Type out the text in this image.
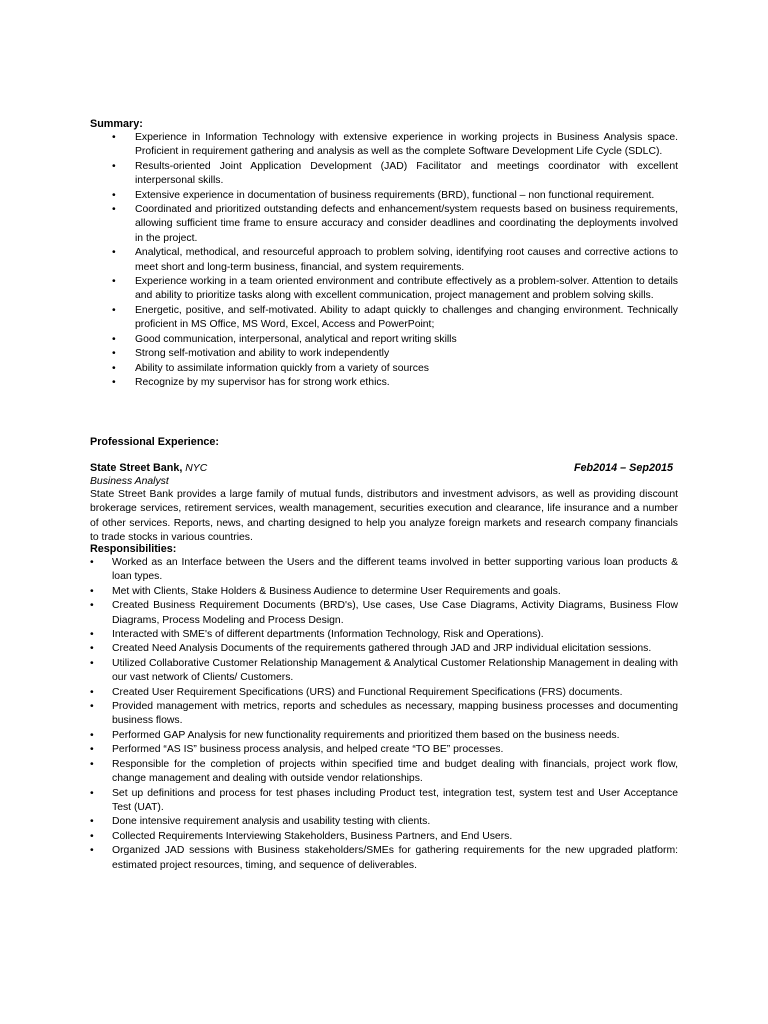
Summary:
• Experience in Information Technology with extensive experience in working projects in Business Analysis space. Proficient in requirement gathering and analysis as well as the complete Software Development Life Cycle (SDLC).
• Results-oriented Joint Application Development (JAD) Facilitator and meetings coordinator with excellent interpersonal skills.
• Extensive experience in documentation of business requirements (BRD), functional – non functional requirement.
• Coordinated and prioritized outstanding defects and enhancement/system requests based on business requirements, allowing sufficient time frame to ensure accuracy and consider deadlines and coordinating the deployments involved in the project.
• Analytical, methodical, and resourceful approach to problem solving, identifying root causes and corrective actions to meet short and long-term business, financial, and system requirements.
• Experience working in a team oriented environment and contribute effectively as a problem-solver. Attention to details and ability to prioritize tasks along with excellent communication, project management and problem solving skills.
• Energetic, positive, and self-motivated. Ability to adapt quickly to challenges and changing environment. Technically proficient in MS Office, MS Word, Excel, Access and PowerPoint;
• Good communication, interpersonal, analytical and report writing skills
• Strong self-motivation and ability to work independently
• Ability to assimilate information quickly from a variety of sources
• Recognize by my supervisor has for strong work ethics.
Professional Experience:
State Street Bank, NYC	Feb2014 – Sep2015
Business Analyst
State Street Bank provides a large family of mutual funds, distributors and investment advisors, as well as providing discount brokerage services, retirement services, wealth management, securities execution and clearance, life insurance and a number of other services. Reports, news, and charting designed to help you analyze foreign markets and research company financials to trade stocks in various countries.
Responsibilities:
• Worked as an Interface between the Users and the different teams involved in better supporting various loan products & loan types.
• Met with Clients, Stake Holders & Business Audience to determine User Requirements and goals.
• Created Business Requirement Documents (BRD's), Use cases, Use Case Diagrams, Activity Diagrams, Business Flow Diagrams, Process Modeling and Process Design.
• Interacted with SME's of different departments (Information Technology, Risk and Operations).
• Created Need Analysis Documents of the requirements gathered through JAD and JRP individual elicitation sessions.
• Utilized Collaborative Customer Relationship Management & Analytical Customer Relationship Management in dealing with our vast network of Clients/ Customers.
• Created User Requirement Specifications (URS) and Functional Requirement Specifications (FRS) documents.
• Provided management with metrics, reports and schedules as necessary, mapping business processes and documenting business flows.
• Performed GAP Analysis for new functionality requirements and prioritized them based on the business needs.
• Performed “AS IS” business process analysis, and helped create “TO BE” processes.
• Responsible for the completion of projects within specified time and budget dealing with financials, project work flow, change management and dealing with outside vendor relationships.
• Set up definitions and process for test phases including Product test, integration test, system test and User Acceptance Test (UAT).
• Done intensive requirement analysis and usability testing with clients.
• Collected Requirements Interviewing Stakeholders, Business Partners, and End Users.
• Organized JAD sessions with Business stakeholders/SMEs for gathering requirements for the new upgraded platform: estimated project resources, timing, and sequence of deliverables.
